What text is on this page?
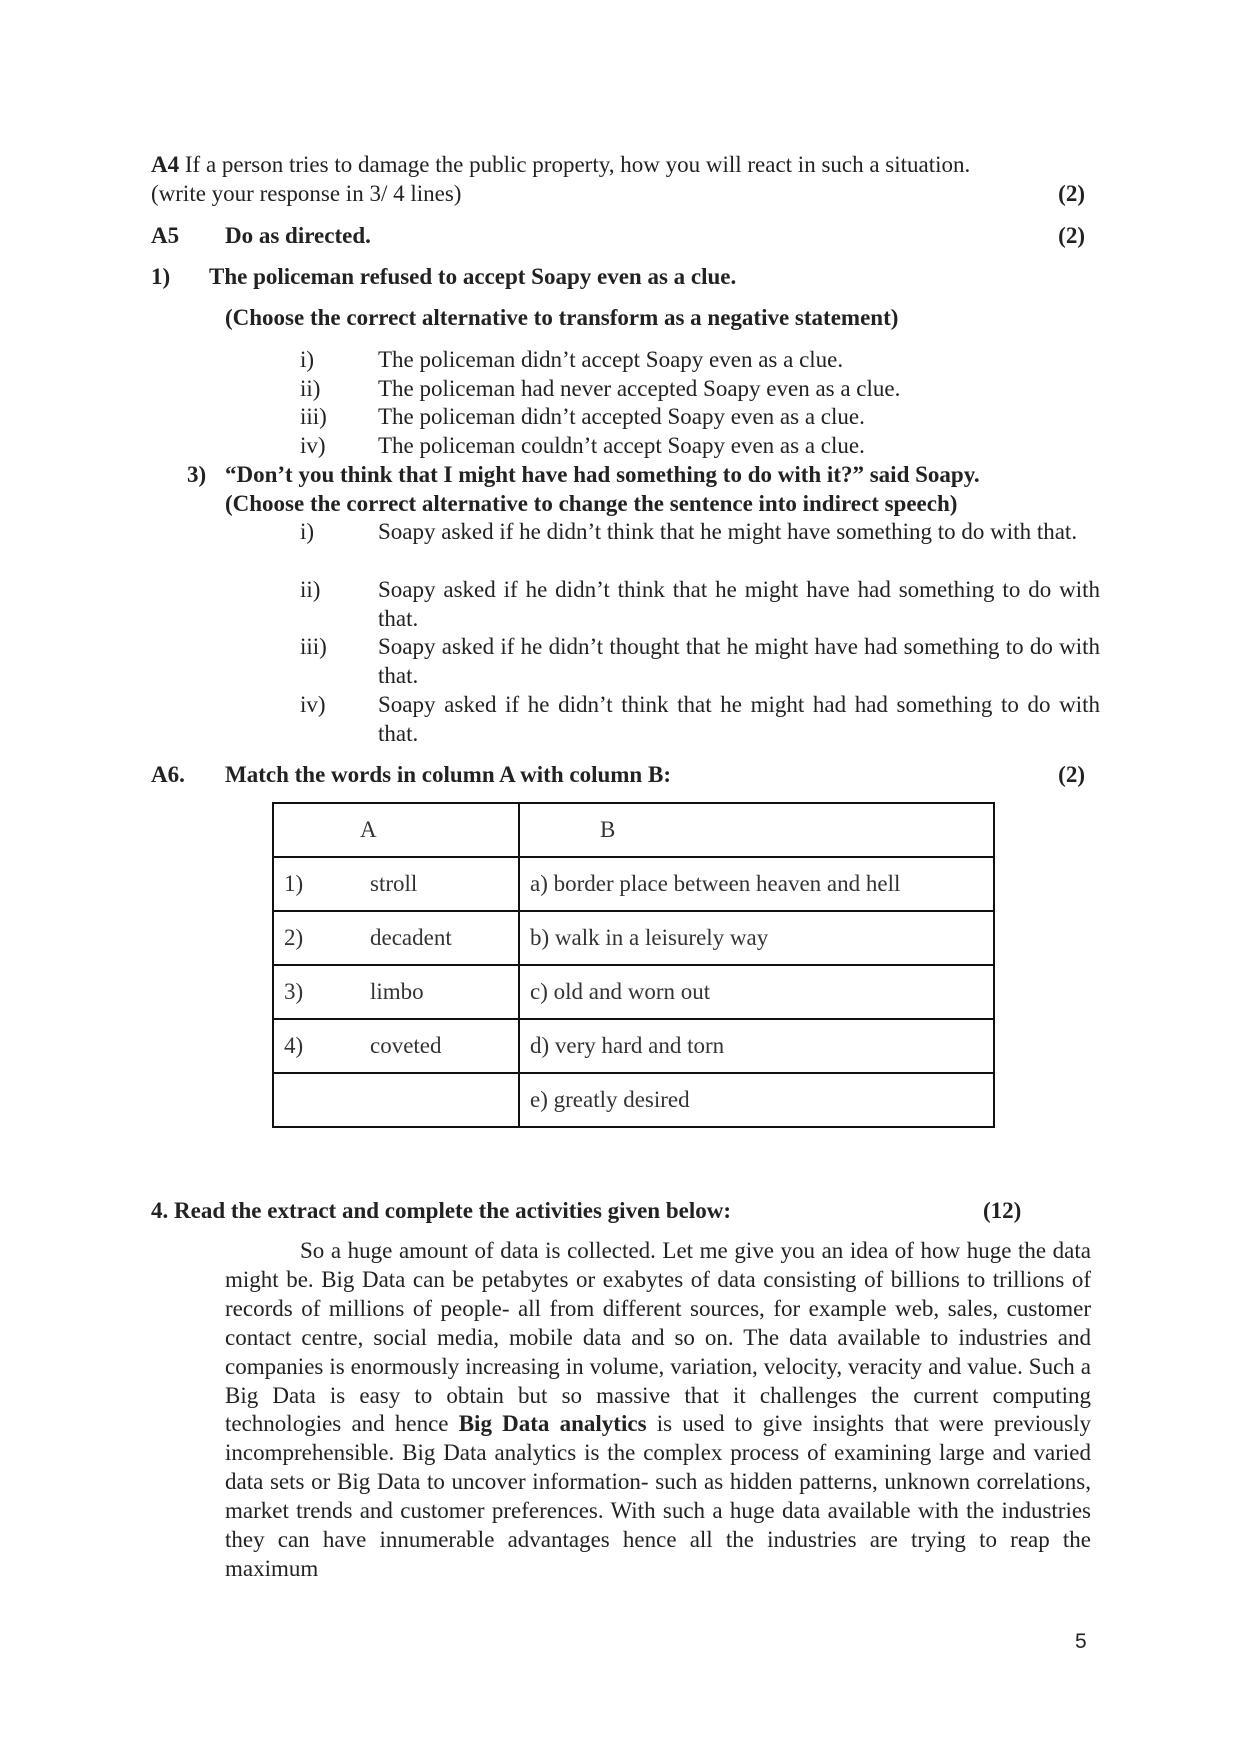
A4 If a person tries to damage the public property, how you will react in such a situation.
(write your response in 3/ 4 lines)	(2)
A5 Do as directed.	(2)
1) The policeman refused to accept Soapy even as a clue.
(Choose the correct alternative to transform as a negative statement)
i)	The policeman didn’t accept Soapy even as a clue.
ii)	The policeman had never accepted Soapy even as a clue.
iii)	The policeman didn’t accepted Soapy even as a clue.
iv)	The policeman couldn’t accept Soapy even as a clue.
3) “Don’t you think that I might have had something to do with it?” said Soapy.
(Choose the correct alternative to change the sentence into indirect speech)
i)	Soapy asked if he didn’t think that he might have something to do with that.
ii)	Soapy asked if he didn’t think that he might have had something to do with that.
iii)	Soapy asked if he didn’t thought that he might have had something to do with that.
iv)	Soapy asked if he didn’t think that he might had had something to do with that.
A6. Match the words in column A with column B:	(2)
A	B
1) stroll	a) border place between heaven and hell
2) decadent	b) walk in a leisurely way
3) limbo	c) old and worn out
4) coveted	d) very hard and torn
	e) greatly desired
4. Read the extract and complete the activities given below:	(12)
So a huge amount of data is collected. Let me give you an idea of how huge the data might be. Big Data can be petabytes or exabytes of data consisting of billions to trillions of records of millions of people- all from different sources, for example web, sales, customer contact centre, social media, mobile data and so on. The data available to industries and companies is enormously increasing in volume, variation, velocity, veracity and value. Such a Big Data is easy to obtain but so massive that it challenges the current computing technologies and hence Big Data analytics is used to give insights that were previously incomprehensible. Big Data analytics is the complex process of examining large and varied data sets or Big Data to uncover information- such as hidden patterns, unknown correlations, market trends and customer preferences. With such a huge data available with the industries they can have innumerable advantages hence all the industries are trying to reap the maximum
5
